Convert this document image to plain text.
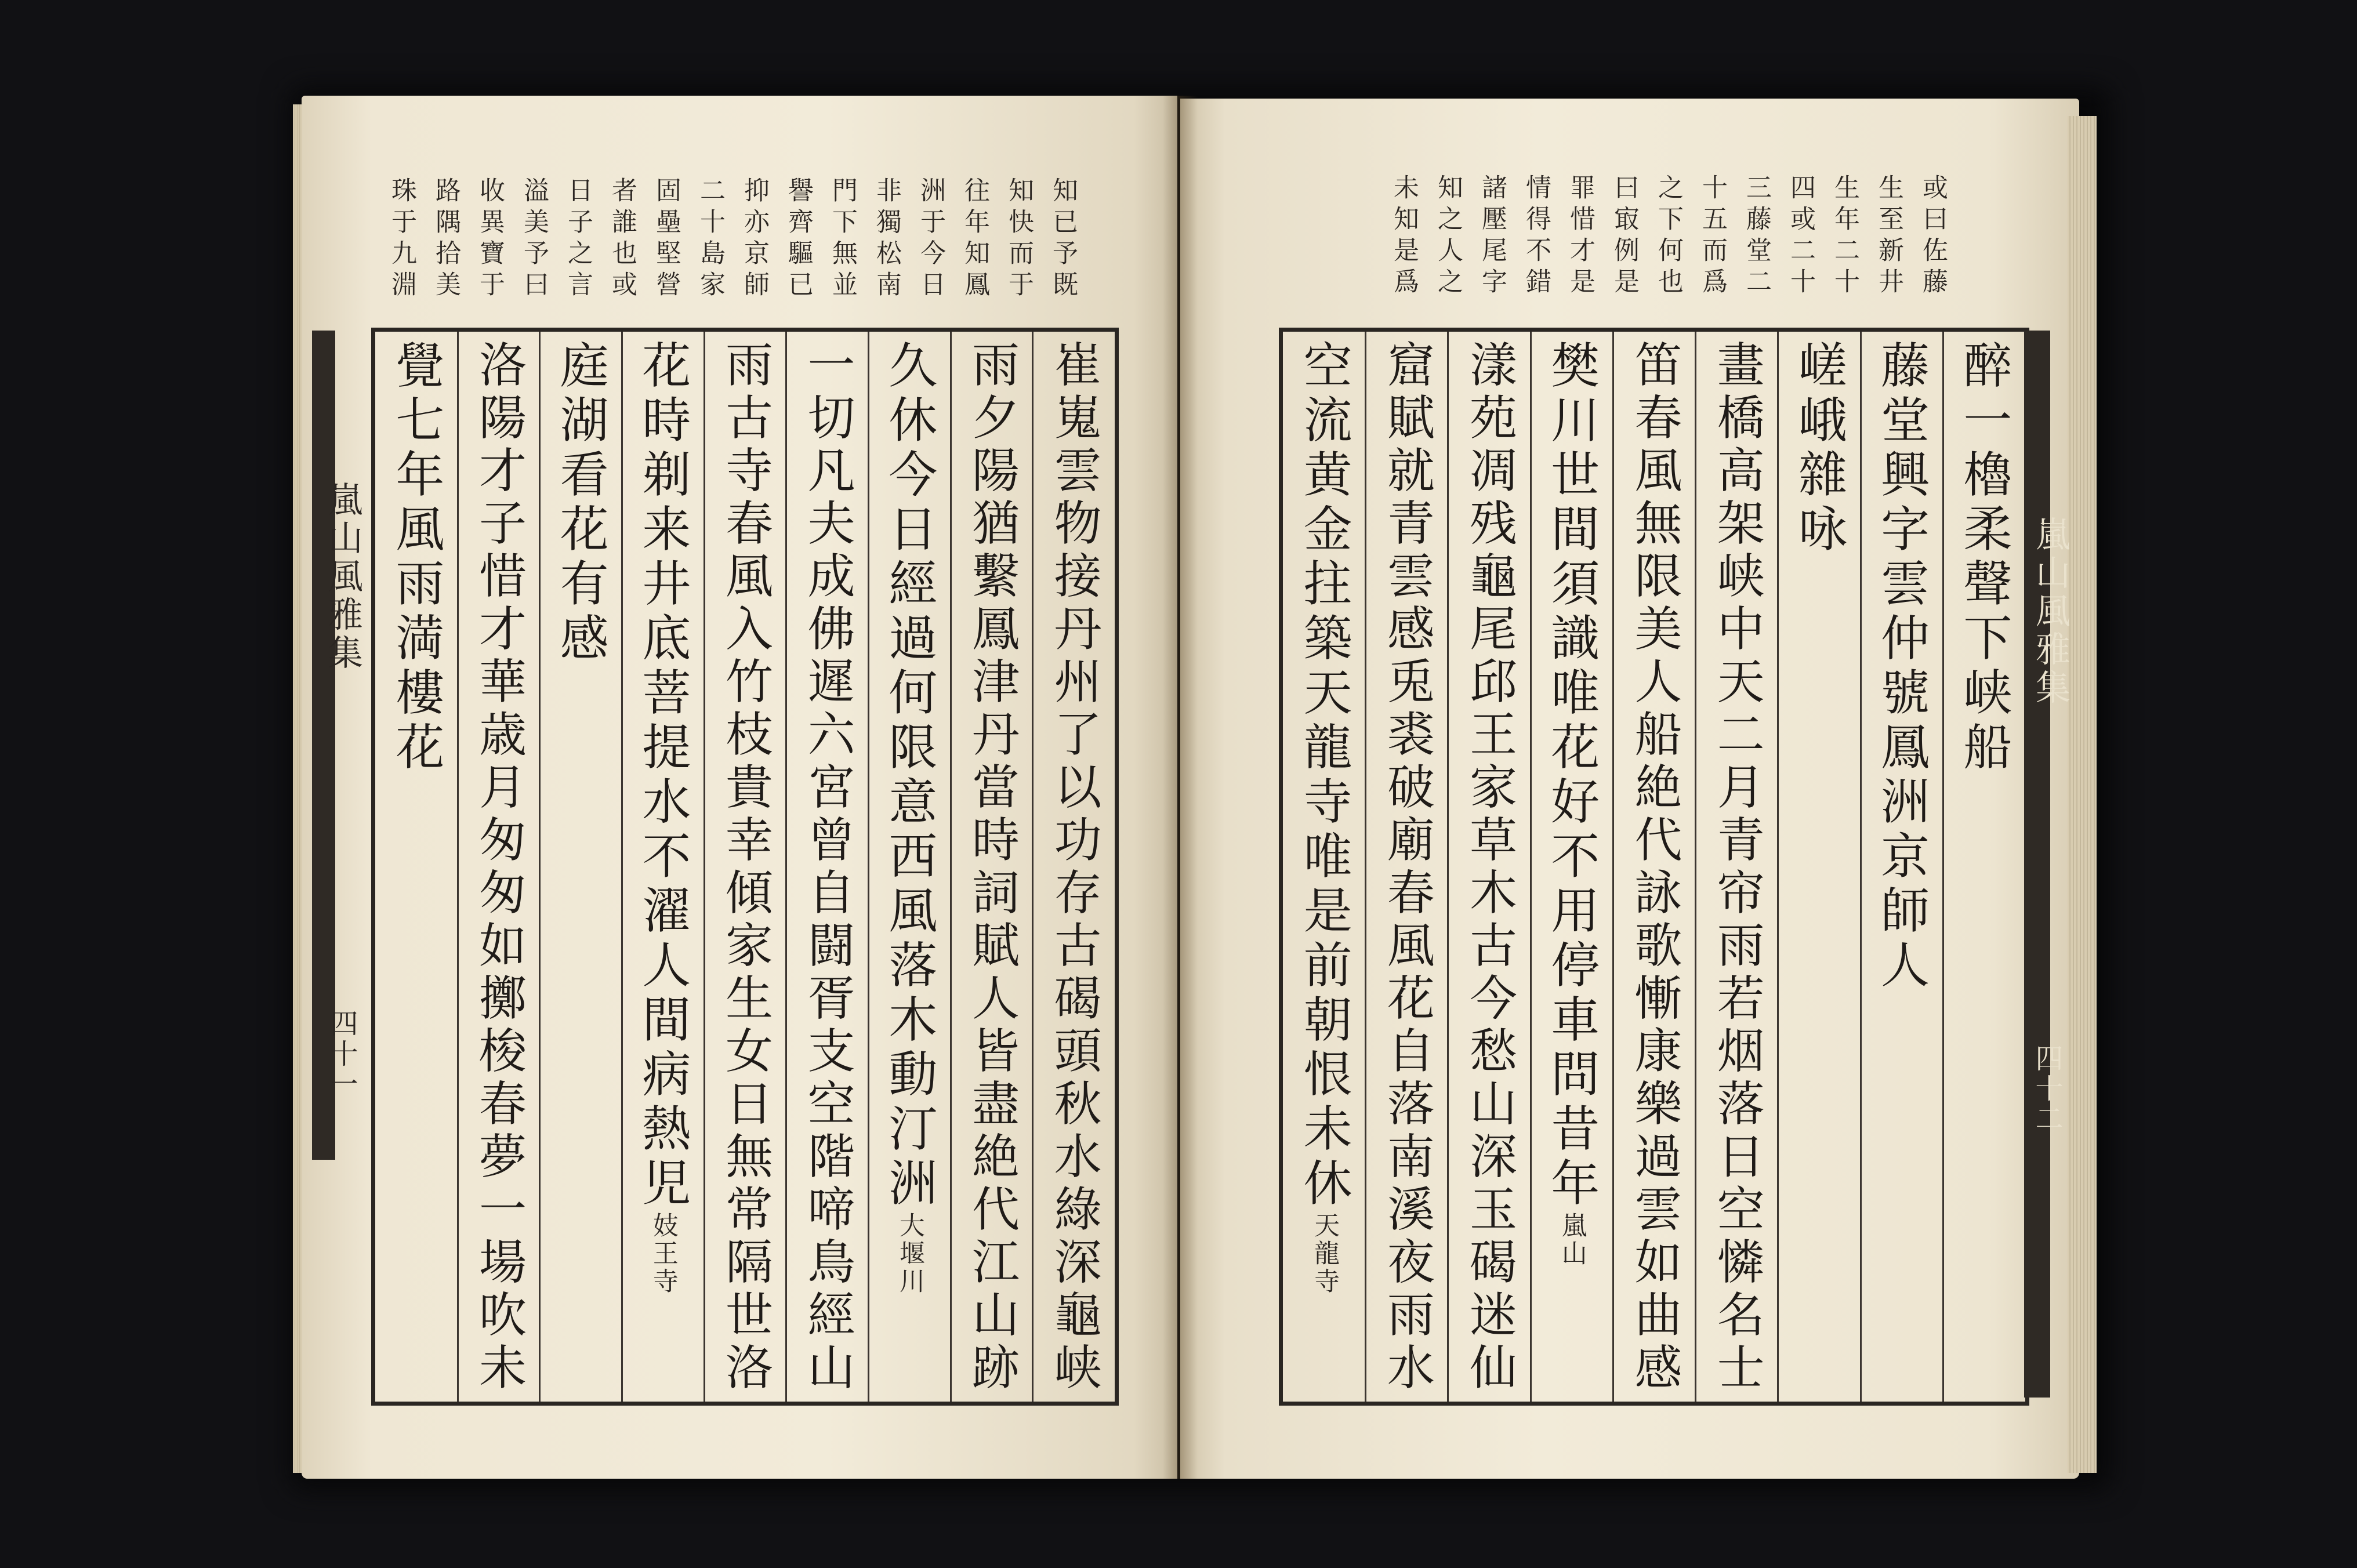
崔嵬雲物接丹州了以功存古碣頭秋水綠深龜峡
雨夕陽猶繫鳳津丹當時詞賦人皆盡絶代江山跡
久休今日經過何限意西風落木動汀洲
大堰川
一切凡夫成佛遲六宮曾自闘胥支空階啼鳥經山
雨古寺春風入竹枝貴幸傾家生女日無常隔世洛
花時剃来井底菩提水不濯人間病熱児
妓王寺
庭湖看花有感
洛陽才子惜才華歳月匆匆如擲梭春夢一場吹未
覺七年風雨満樓花
嵐山風雅集
四十一
醉一櫓柔聲下峡船
藤堂興字雲仲號鳳洲京師人
嵯峨雜咏
畫橋高架峡中天二月青帘雨若烟落日空憐名士
笛春風無限美人船絶代詠歌慚康樂過雲如曲感
樊川世間須識唯花好不用停車問昔年
嵐山
漾苑凋残龜尾邱王家草木古今愁山深玉碣迷仙
窟賦就青雲感兎裘破廟春風花自落南溪夜雨水
空流黄金拄築天龍寺唯是前朝恨未休
天龍寺
嵐山風雅集
四十二
知已予既
知快而于
往年知鳳
洲于今日
非獨松南
門下無並
譽齊驅已
抑亦京師
二十島家
固壘堅營
者誰也或
日子之言
溢美予曰
收異寶于
路隅拾美
珠于九淵	或曰佐藤
生至新井
生年二十
四或二十
三藤堂二
十五而爲
之下何也
曰㝡例是
罪惜才是
情得不錯
諸壓尾字
知之人之
未知是爲
